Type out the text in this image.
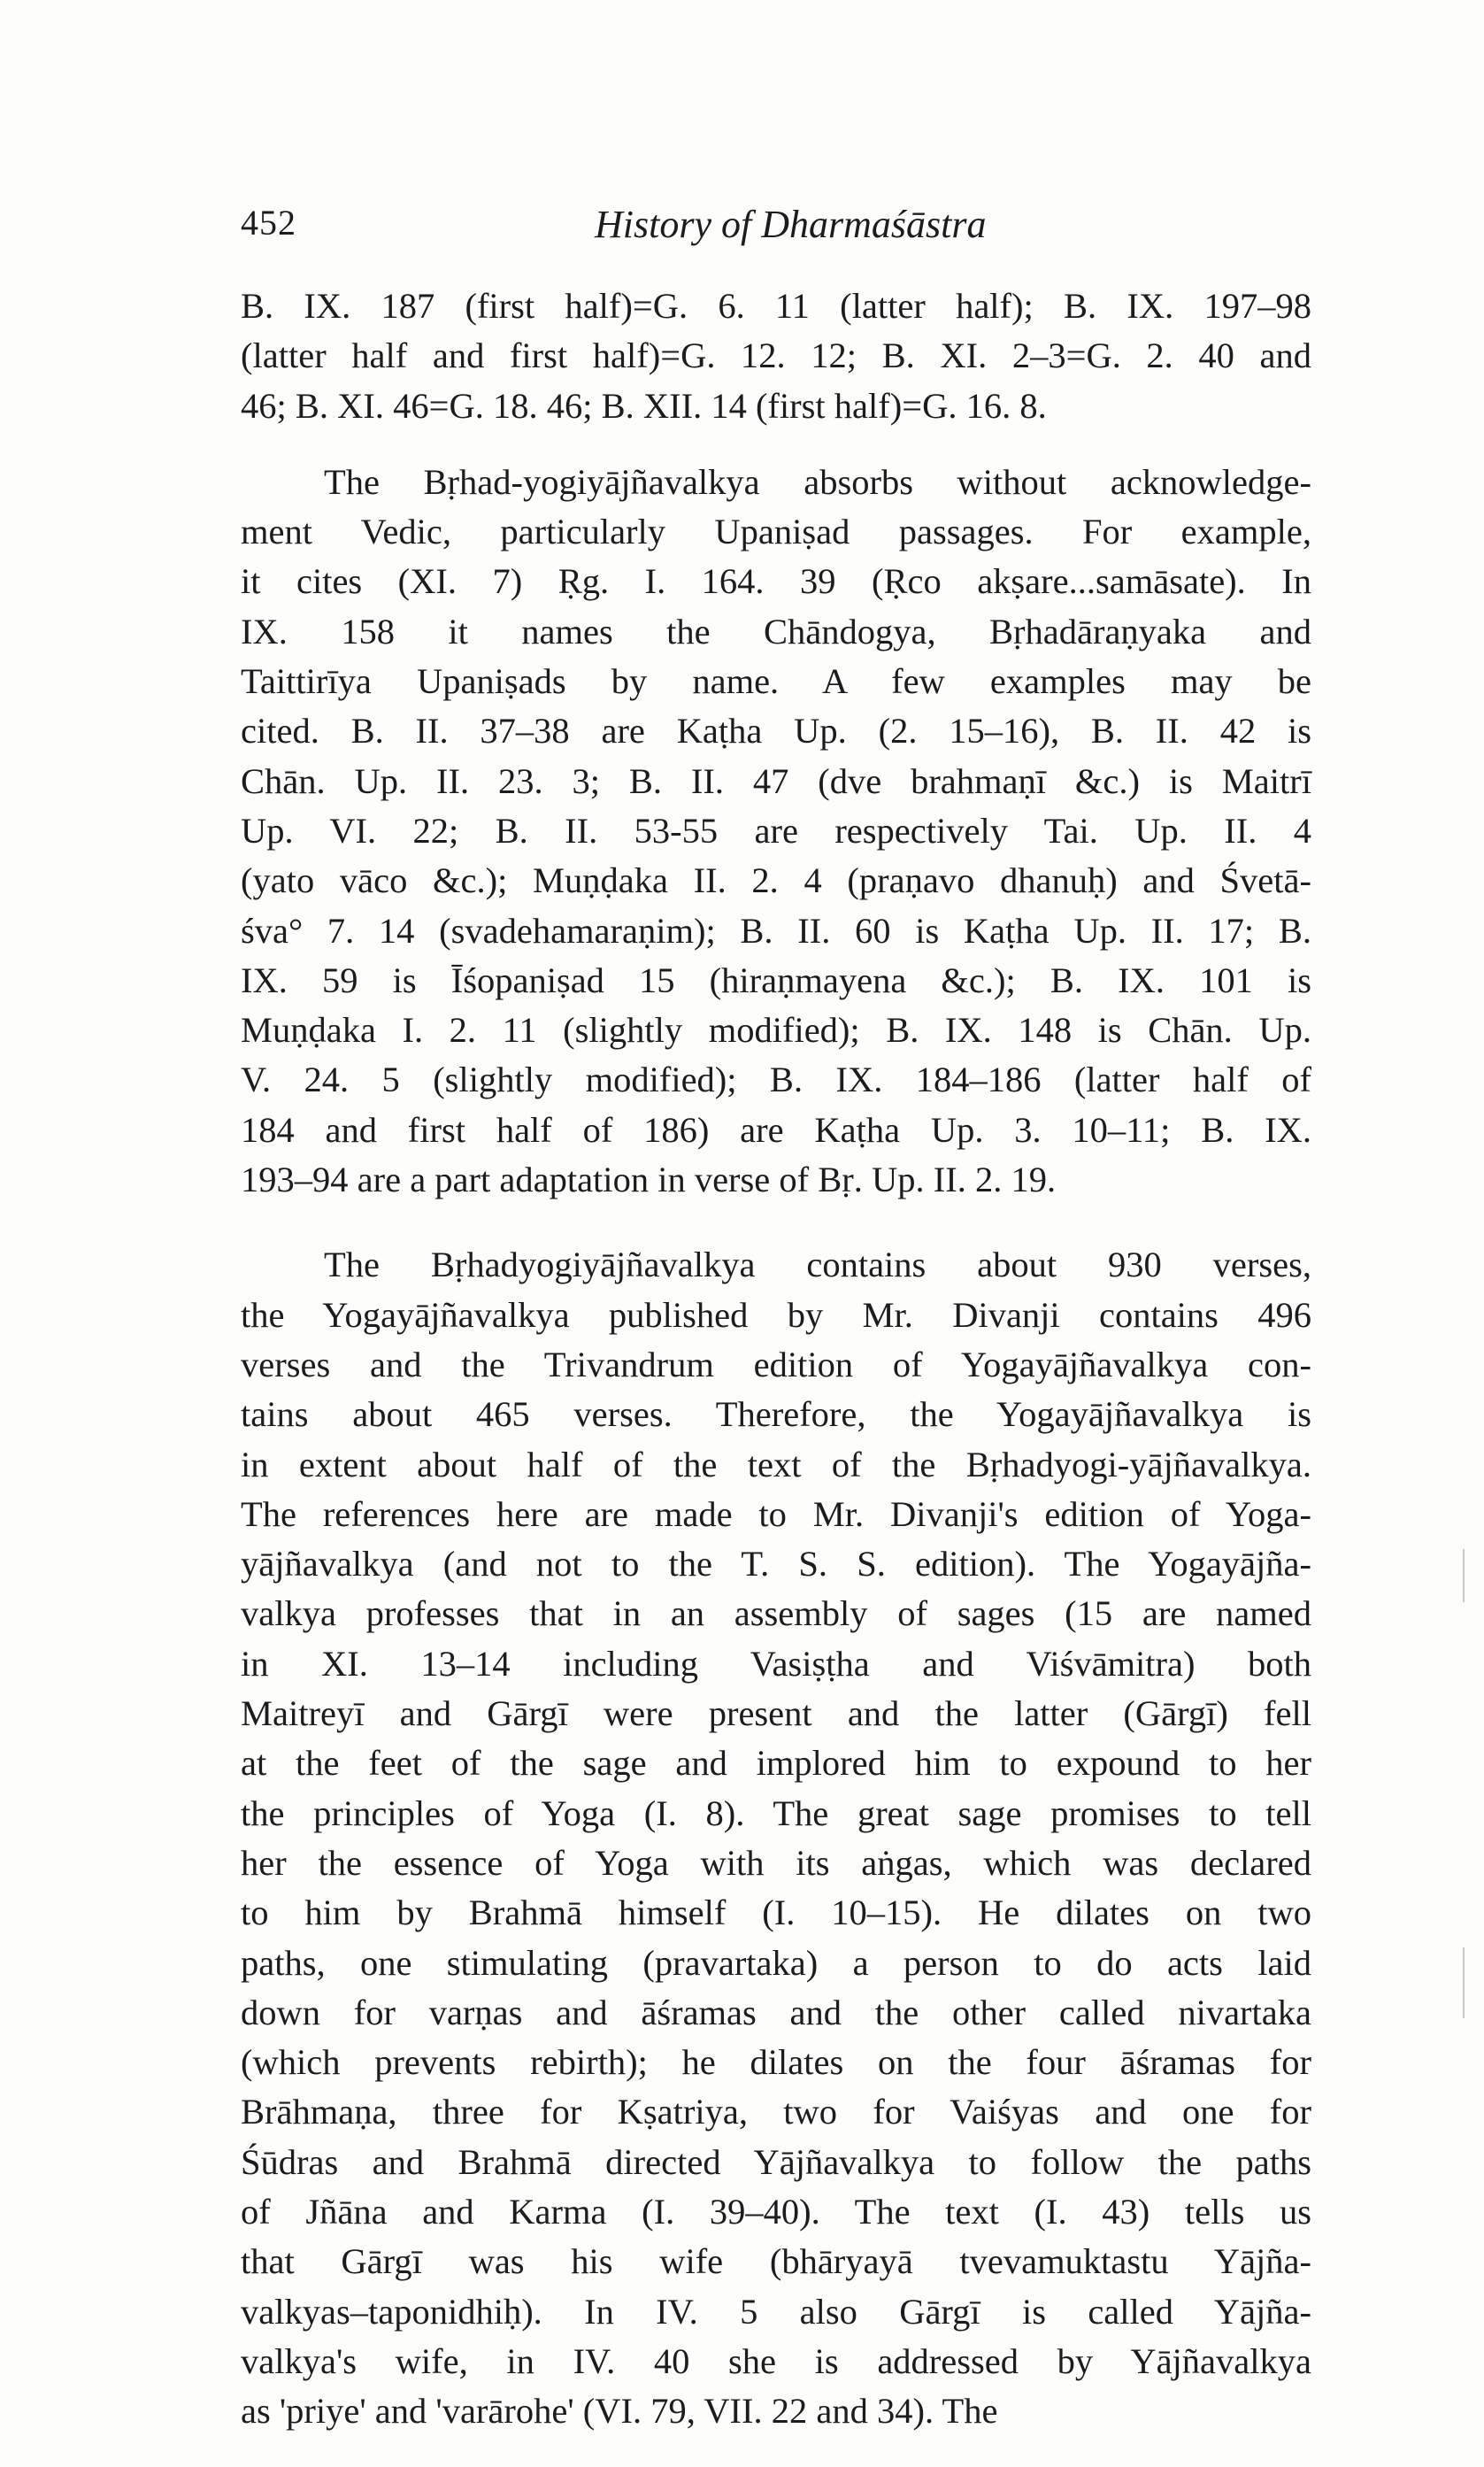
452	History of Dharmaśāstra

B. IX. 187 (first half)=G. 6. 11 (latter half); B. IX. 197–98
(latter half and first half)=G. 12. 12; B. XI. 2–3=G. 2. 40 and
46; B. XI. 46=G. 18. 46; B. XII. 14 (first half)=G. 16. 8.

The Bṛhad-yogiyājñavalkya absorbs without acknowledge-
ment Vedic, particularly Upaniṣad passages. For example,
it cites (XI. 7) Ṛg. I. 164. 39 (Ṛco akṣare...samāsate). In
IX. 158 it names the Chāndogya, Bṛhadāraṇyaka and
Taittirīya Upaniṣads by name. A few examples may be
cited. B. II. 37–38 are Kaṭha Up. (2. 15–16), B. II. 42 is
Chān. Up. II. 23. 3; B. II. 47 (dve brahmaṇī &c.) is Maitrī
Up. VI. 22; B. II. 53-55 are respectively Tai. Up. II. 4
(yato vāco &c.); Muṇḍaka II. 2. 4 (praṇavo dhanuḥ) and Śvetā-
śva° 7. 14 (svadehamaraṇim); B. II. 60 is Kaṭha Up. II. 17; B.
IX. 59 is Īśopaniṣad 15 (hiraṇmayena &c.); B. IX. 101 is
Muṇḍaka I. 2. 11 (slightly modified); B. IX. 148 is Chān. Up.
V. 24. 5 (slightly modified); B. IX. 184–186 (latter half of
184 and first half of 186) are Kaṭha Up. 3. 10–11; B. IX.
193–94 are a part adaptation in verse of Bṛ. Up. II. 2. 19.

The Bṛhadyogiyājñavalkya contains about 930 verses,
the Yogayājñavalkya published by Mr. Divanji contains 496
verses and the Trivandrum edition of Yogayājñavalkya con-
tains about 465 verses. Therefore, the Yogayājñavalkya is
in extent about half of the text of the Bṛhadyogi-yājñavalkya.
The references here are made to Mr. Divanji's edition of Yoga-
yājñavalkya (and not to the T. S. S. edition). The Yogayājña-
valkya professes that in an assembly of sages (15 are named
in XI. 13–14 including Vasiṣṭha and Viśvāmitra) both
Maitreyī and Gārgī were present and the latter (Gārgī) fell
at the feet of the sage and implored him to expound to her
the principles of Yoga (I. 8). The great sage promises to tell
her the essence of Yoga with its aṅgas, which was declared
to him by Brahmā himself (I. 10–15). He dilates on two
paths, one stimulating (pravartaka) a person to do acts laid
down for varṇas and āśramas and the other called nivartaka
(which prevents rebirth); he dilates on the four āśramas for
Brāhmaṇa, three for Kṣatriya, two for Vaiśyas and one for
Śūdras and Brahmā directed Yājñavalkya to follow the paths
of Jñāna and Karma (I. 39–40). The text (I. 43) tells us
that Gārgī was his wife (bhāryayā tvevamuktastu Yājña-
valkyas–taponidhiḥ). In IV. 5 also Gārgī is called Yājña-
valkya's wife, in IV. 40 she is addressed by Yājñavalkya
as 'priye' and 'varārohe' (VI. 79, VII. 22 and 34). The
